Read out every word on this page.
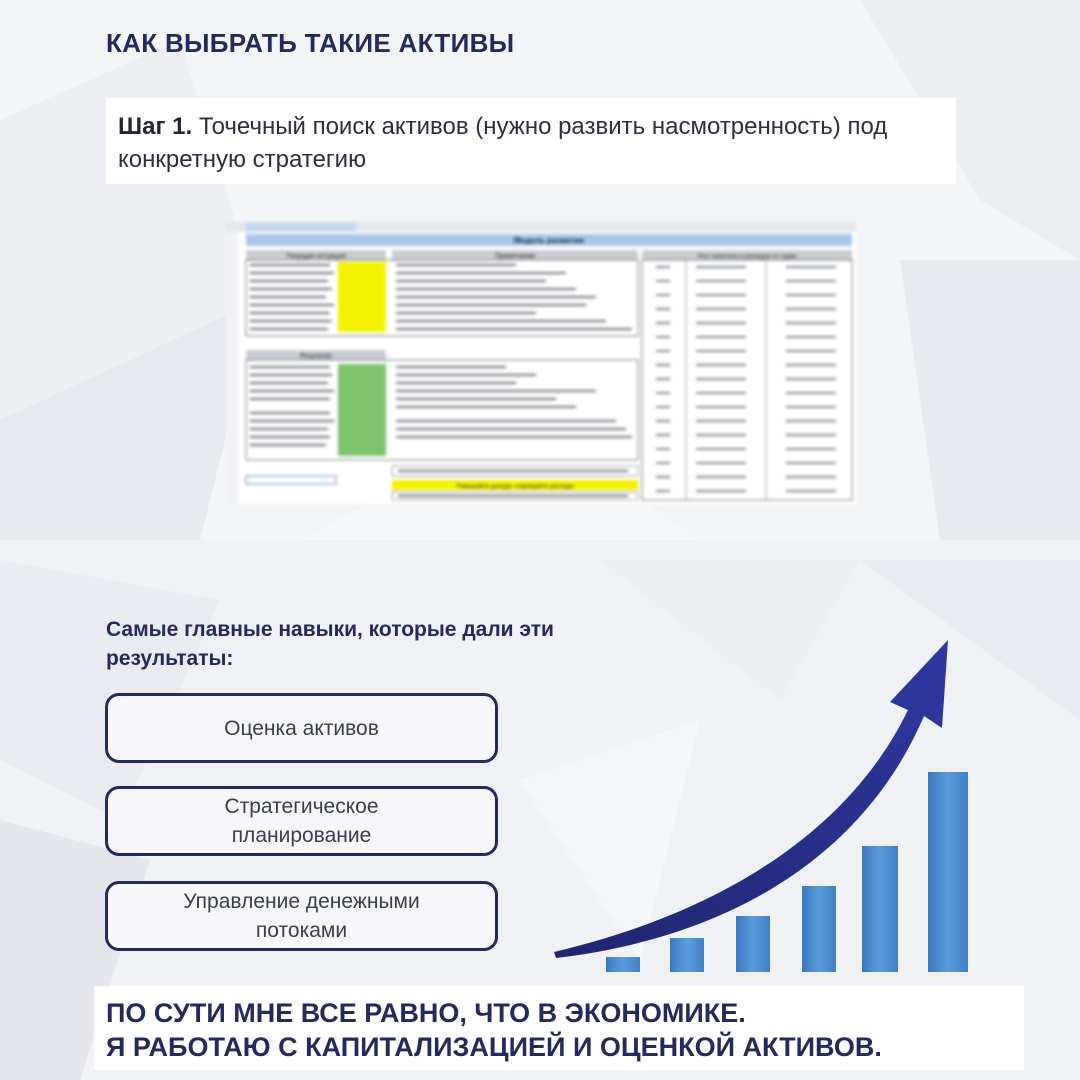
КАК ВЫБРАТЬ ТАКИЕ АКТИВЫ
Шаг 1. Точечный поиск активов (нужно развить насмотренность) под конкретную стратегию
Модель развития
Текущая ситуация	Примечание	Рост капитала и расходов по годам
Результат
Повышайте доходы, сокращайте расходы
Самые главные навыки, которые дали эти результаты:
Оценка активов
Стратегическое планирование
Управление денежными потоками

ПО СУТИ МНЕ ВСЕ РАВНО, ЧТО В ЭКОНОМИКЕ.

Я РАБОТАЮ С КАПИТАЛИЗАЦИЕЙ И ОЦЕНКОЙ АКТИВОВ.
